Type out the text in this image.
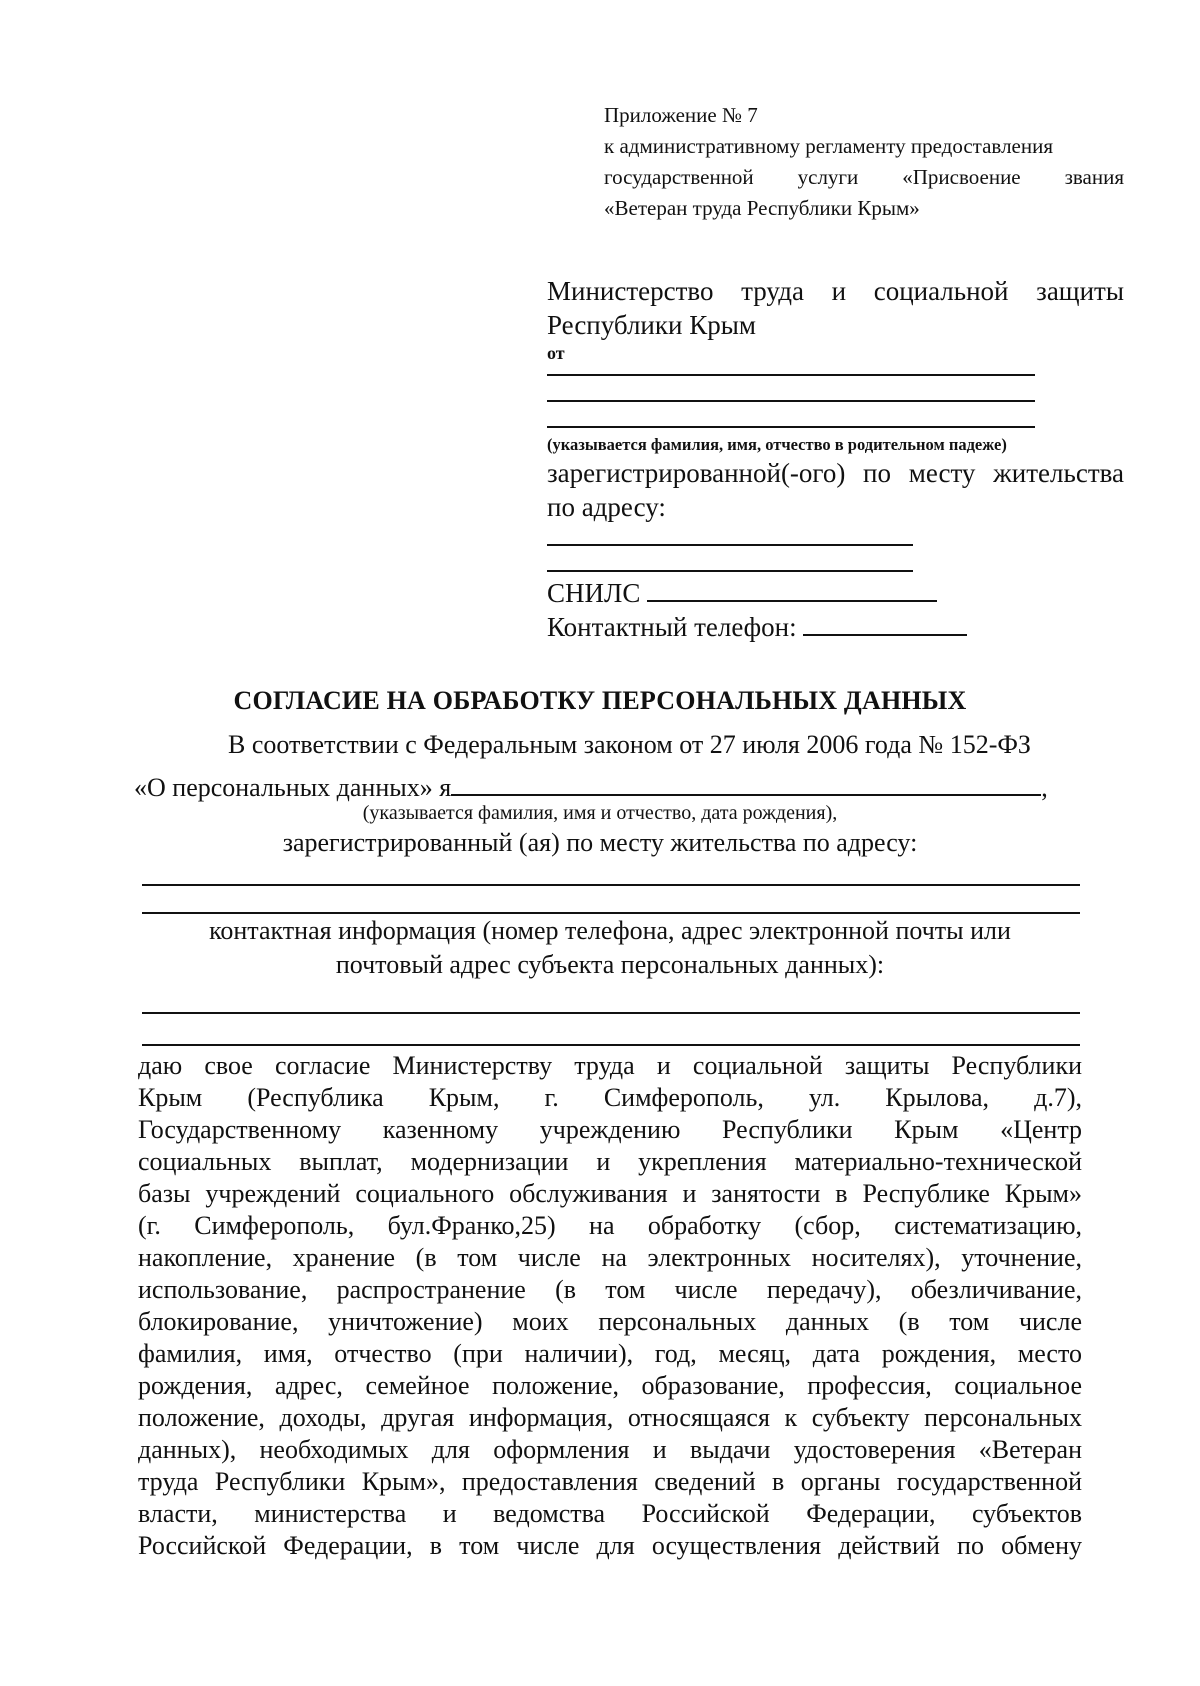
Приложение № 7
к административному регламенту предоставления
государственной услуги «Присвоение звания
«Ветеран труда Республики Крым»
Министерство труда и социальной защиты
Республики Крым
от
(указывается фамилия, имя, отчество в родительном падеже)
зарегистрированной(-ого) по месту жительства
по адресу:
СНИЛС
Контактный телефон:
СОГЛАСИЕ НА ОБРАБОТКУ ПЕРСОНАЛЬНЫХ ДАННЫХ
В соответствии с Федеральным законом от 27 июля 2006 года № 152-ФЗ
«О персональных данных» я	,
(указывается фамилия, имя и отчество, дата рождения),
зарегистрированный (ая) по месту жительства по адресу:
контактная информация (номер телефона, адрес электронной почты или
почтовый адрес субъекта персональных данных):
даю свое согласие Министерству труда и социальной защиты Республики
Крым (Республика Крым, г. Симферополь, ул. Крылова, д.7),
Государственному казенному учреждению Республики Крым «Центр
социальных выплат, модернизации и укрепления материально-технической
базы учреждений социального обслуживания и занятости в Республике Крым»
(г. Симферополь, бул.Франко,25) на обработку (сбор, систематизацию,
накопление, хранение (в том числе на электронных носителях), уточнение,
использование, распространение (в том числе передачу), обезличивание,
блокирование, уничтожение) моих персональных данных (в том числе
фамилия, имя, отчество (при наличии), год, месяц, дата рождения, место
рождения, адрес, семейное положение, образование, профессия, социальное
положение, доходы, другая информация, относящаяся к субъекту персональных
данных), необходимых для оформления и выдачи удостоверения «Ветеран
труда Республики Крым», предоставления сведений в органы государственной
власти, министерства и ведомства Российской Федерации, субъектов
Российской Федерации, в том числе для осуществления действий по обмену
